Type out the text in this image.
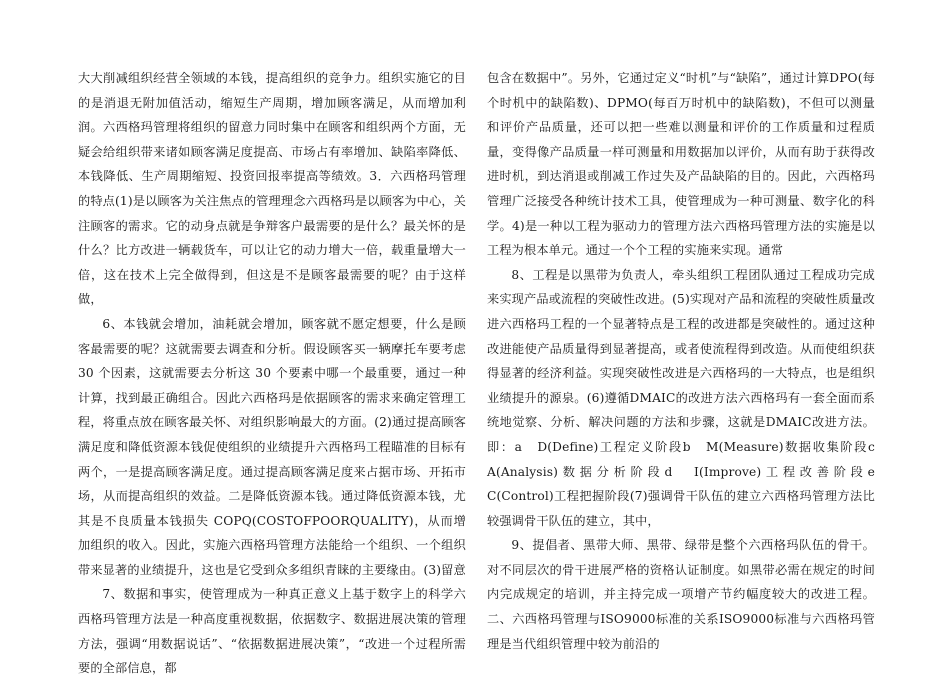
大大削减组织经营全领域的本钱，提高组织的竞争力。组织实施它的目的是消退无附加值活动，缩短生产周期，增加顾客满足，从而增加利润。六西格玛管理将组织的留意力同时集中在顾客和组织两个方面，无疑会给组织带来诸如顾客满足度提高、市场占有率增加、缺陷率降低、本钱降低、生产周期缩短、投资回报率提高等绩效。3．六西格玛管理的特点(1)是以顾客为关注焦点的管理理念六西格玛是以顾客为中心，关注顾客的需求。它的动身点就是争辩客户最需要的是什么？最关怀的是什么？比方改进一辆载货车，可以让它的动力增大一倍，载重量增大一倍，这在技术上完全做得到，但这是不是顾客最需要的呢？由于这样做，

6、本钱就会增加，油耗就会增加，顾客就不愿定想要，什么是顾客最需要的呢？这就需要去调查和分析。假设顾客买一辆摩托车要考虑 30 个因素，这就需要去分析这 30 个要素中哪一个最重要，通过一种计算，找到最正确组合。因此六西格玛是依据顾客的需求来确定管理工程，将重点放在顾客最关怀、对组织影响最大的方面。(2)通过提高顾客满足度和降低资源本钱促使组织的业绩提升六西格玛工程瞄准的目标有两个，一是提高顾客满足度。通过提高顾客满足度来占据市场、开拓市场，从而提高组织的效益。二是降低资源本钱。通过降低资源本钱，尤其是不良质量本钱损失 COPQ(COSTOFPOORQUALITY)，从而增加组织的收入。因此，实施六西格玛管理方法能给一个组织、一个组织带来显著的业绩提升，这也是它受到众多组织青睐的主要缘由。(3)留意

7、数据和事实，使管理成为一种真正意义上基于数字上的科学六西格玛管理方法是一种高度重视数据，依据数字、数据进展决策的管理方法，强调“用数据说话”、“依据数据进展决策”，“改进一个过程所需要的全部信息，都

包含在数据中”。另外，它通过定义“时机”与“缺陷”，通过计算DPO(每个时机中的缺陷数)、DPMO(每百万时机中的缺陷数)，不但可以测量和评价产品质量，还可以把一些难以测量和评价的工作质量和过程质量，变得像产品质量一样可测量和用数据加以评价，从而有助于获得改进时机，到达消退或削减工作过失及产品缺陷的目的。因此，六西格玛管理广泛接受各种统计技术工具，使管理成为一种可测量、数字化的科学。4)是一种以工程为驱动力的管理方法六西格玛管理方法的实施是以工程为根本单元。通过一个个工程的实施来实现。通常

8、工程是以黑带为负责人，牵头组织工程团队通过工程成功完成来实现产品或流程的突破性改进。(5)实现对产品和流程的突破性质量改进六西格玛工程的一个显著特点是工程的改进都是突破性的。通过这种改进能使产品质量得到显著提高，或者使流程得到改造。从而使组织获得显著的经济利益。实现突破性改进是六西格玛的一大特点，也是组织业绩提升的源泉。(6)遵循DMAIC的改进方法六西格玛有一套全面而系统地觉察、分析、解决问题的方法和步骤，这就是DMAIC改进方法。即：a　D(Define)工程定义阶段b　M(Measure)数据收集阶段c　A(Analysis)数据分析阶段d　I(Improve)工程改善阶段e　C(Control)工程把握阶段(7)强调骨干队伍的建立六西格玛管理方法比较强调骨干队伍的建立，其中，

9、提倡者、黑带大师、黑带、绿带是整个六西格玛队伍的骨干。对不同层次的骨干进展严格的资格认证制度。如黑带必需在规定的时间内完成规定的培训，并主持完成一项增产节约幅度较大的改进工程。二、六西格玛管理与ISO9000标准的关系ISO9000标准与六西格玛管理是当代组织管理中较为前沿的
